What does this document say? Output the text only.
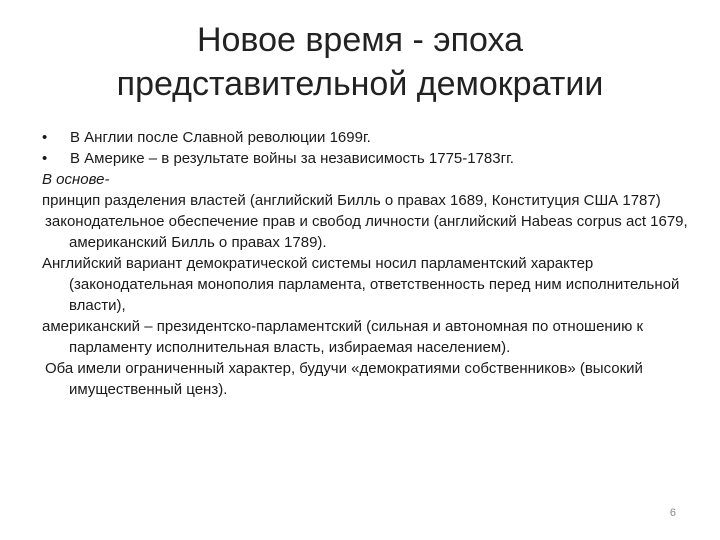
Новое время - эпоха
представительной демократии
• В Англии после Славной революции 1699г.
• В Америке – в результате войны за независимость 1775-1783гг.
В основе-
принцип разделения властей (английский Билль о правах 1689, Конституция США 1787)
законодательное обеспечение прав и свобод личности (английский Habeas corpus act 1679, американский Билль о правах 1789).
Английский вариант демократической системы носил парламентский характер (законодательная монополия парламента, ответственность перед ним исполнительной власти),
американский – президентско-парламентский (сильная и автономная по отношению к парламенту исполнительная власть, избираемая населением).
Оба имели ограниченный характер, будучи «демократиями собственников» (высокий имущественный ценз).
6
